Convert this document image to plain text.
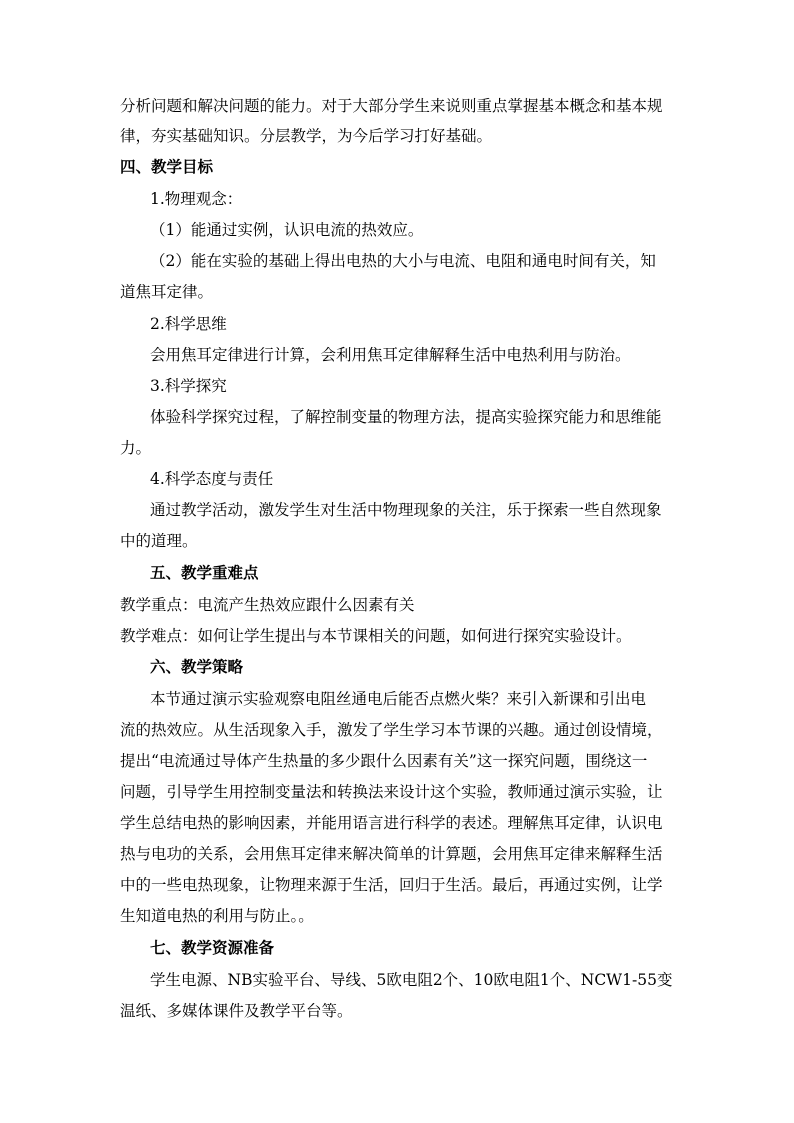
分析问题和解决问题的能力。对于大部分学生来说则重点掌握基本概念和基本规

律，夯实基础知识。分层教学，为今后学习打好基础。

四、教学目标

1.物理观念：

（1）能通过实例，认识电流的热效应。

（2）能在实验的基础上得出电热的大小与电流、电阻和通电时间有关，知

道焦耳定律。

2.科学思维

会用焦耳定律进行计算，会利用焦耳定律解释生活中电热利用与防治。

3.科学探究

体验科学探究过程，了解控制变量的物理方法，提高实验探究能力和思维能

力。

4.科学态度与责任

通过教学活动，激发学生对生活中物理现象的关注，乐于探索一些自然现象

中的道理。

五、教学重难点

教学重点：电流产生热效应跟什么因素有关

教学难点：如何让学生提出与本节课相关的问题，如何进行探究实验设计。

六、教学策略

本节通过演示实验观察电阻丝通电后能否点燃火柴？来引入新课和引出电

流的热效应。从生活现象入手，激发了学生学习本节课的兴趣。通过创设情境，

提出“电流通过导体产生热量的多少跟什么因素有关”这一探究问题，围绕这一

问题，引导学生用控制变量法和转换法来设计这个实验，教师通过演示实验，让

学生总结电热的影响因素，并能用语言进行科学的表述。理解焦耳定律，认识电

热与电功的关系，会用焦耳定律来解决简单的计算题，会用焦耳定律来解释生活

中的一些电热现象，让物理来源于生活，回归于生活。最后，再通过实例，让学

生知道电热的利用与防止。。

七、教学资源准备

学生电源、NB实验平台、导线、5欧电阻2个、10欧电阻1个、NCW1-55变

温纸、多媒体课件及教学平台等。
